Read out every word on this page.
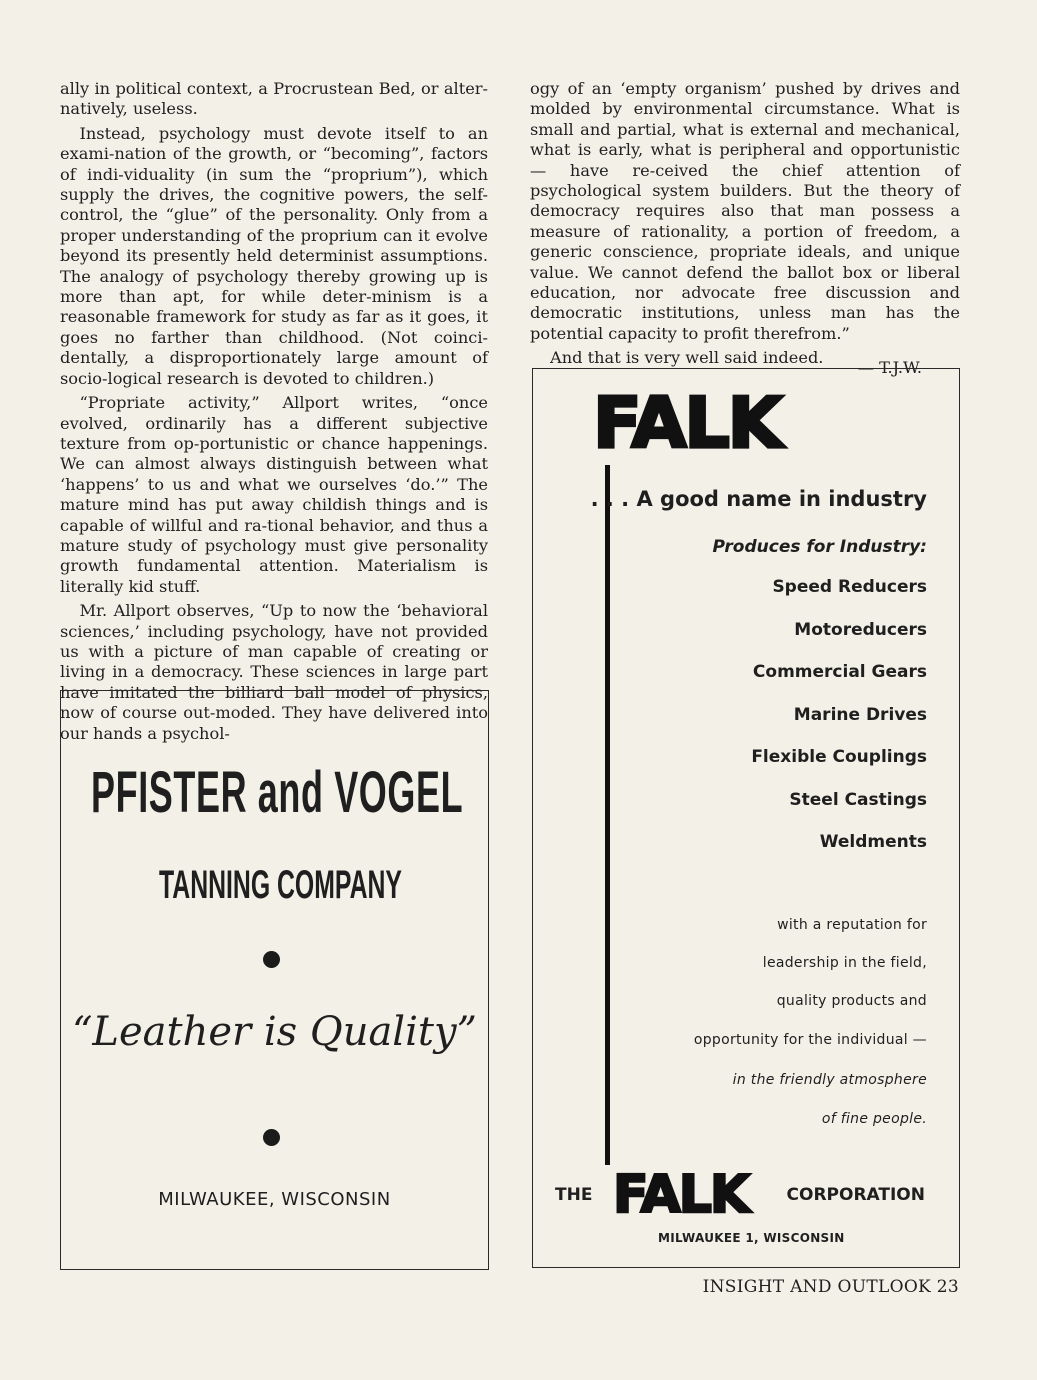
ally in political context, a Procrustean Bed, or alter-natively, useless.

Instead, psychology must devote itself to an exami-nation of the growth, or “becoming”, factors of indi-viduality (in sum the “proprium”), which supply the drives, the cognitive powers, the self-control, the “glue” of the personality. Only from a proper understanding of the proprium can it evolve beyond its presently held determinist assumptions. The analogy of psychology thereby growing up is more than apt, for while deter-minism is a reasonable framework for study as far as it goes, it goes no farther than childhood. (Not coinci-dentally, a disproportionately large amount of socio-logical research is devoted to children.)

“Propriate activity,” Allport writes, “once evolved, ordinarily has a different subjective texture from op-portunistic or chance happenings. We can almost always distinguish between what ‘happens’ to us and what we ourselves ‘do.’” The mature mind has put away childish things and is capable of willful and ra-tional behavior, and thus a mature study of psychology must give personality growth fundamental attention. Materialism is literally kid stuff.

Mr. Allport observes, “Up to now the ‘behavioral sciences,’ including psychology, have not provided us with a picture of man capable of creating or living in a democracy. These sciences in large part have imitated the billiard ball model of physics, now of course out-moded. They have delivered into our hands a psychol-

ogy of an ‘empty organism’ pushed by drives and molded by environmental circumstance. What is small and partial, what is external and mechanical, what is early, what is peripheral and opportunistic — have re-ceived the chief attention of psychological system builders. But the theory of democracy requires also that man possess a measure of rationality, a portion of freedom, a generic conscience, propriate ideals, and unique value. We cannot defend the ballot box or liberal education, nor advocate free discussion and democratic institutions, unless man has the potential capacity to profit therefrom.”

And that is very well said indeed.
— T.J.W.
PFISTER and VOGEL
TANNING COMPANY
“Leather is Quality”
MILWAUKEE, WISCONSIN
FALK
. . . A good name in industry
Produces for Industry:
Speed Reducers
Motoreducers
Commercial Gears
Marine Drives
Flexible Couplings
Steel Castings
Weldments
with a reputation for
leadership in the field,
quality products and
opportunity for the individual —
in the friendly atmosphere
of fine people.
THE FALK CORPORATION
MILWAUKEE 1, WISCONSIN
INSIGHT AND OUTLOOK 23
